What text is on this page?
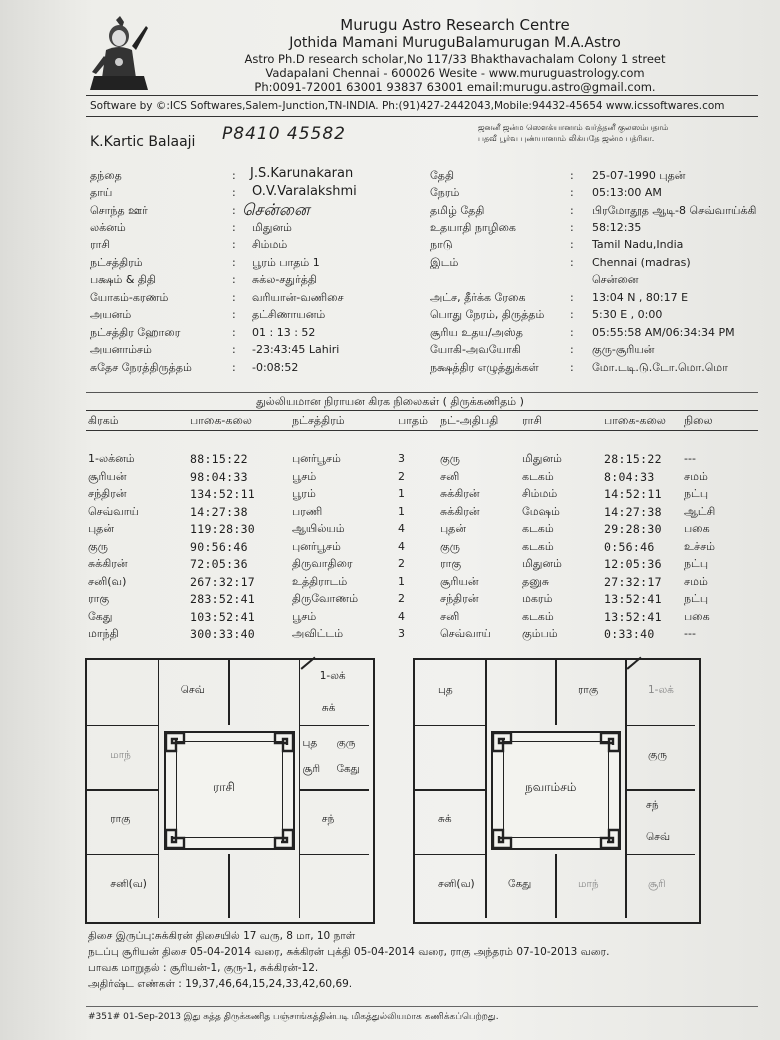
Murugu Astro Research Centre
Jothida Mamani MuruguBalamurugan M.A.Astro
Astro Ph.D research scholar,No 117/33 Bhakthavachalam Colony 1 street
Vadapalani Chennai - 600026 Wesite - www.muruguastrology.com
Ph:0091-72001 63001 93837 63001 email:murugu.astro@gmail.com.
Software by ©:ICS Softwares,Salem-Junction,TN-INDIA. Ph:(91)427-2442043,Mobile:94432-45654 www.icssoftwares.com
K.Kartic Balaaji P8410 45582	ஜனனீ ஜன்ம ஸௌக்யானாம் வர்த்தனீ குலஸம்பதாம்
பதவீ பூர்வ புண்யானாம் லிக்யதே ஜன்ம பத்ரிகா.
தந்தை	: J.S.Karunakaran
தாய்	: O.V.Varalakshmi
சொந்த ஊர்	: சென்னை
லக்னம்	: மிதுனம்
ராசி	: சிம்மம்
நட்சத்திரம்	: பூரம் பாதம் 1
பக்ஷம் & திதி	: சுக்ல-சதுர்த்தி
யோகம்-கரணம்	: வரியான்-வணிசை
அயனம்	: தட்சிணாயனம்
நட்சத்திர ஹோரை	: 01 : 13 : 52
அயனாம்சம்	: -23:43:45 Lahiri
சுதேச நேரத்திருத்தம்	: -0:08:52
தேதி	: 25-07-1990 புதன்
நேரம்	: 05:13:00 AM
தமிழ் தேதி	: பிரமோதூத ஆடி-8 செவ்வாய்க்கி
உதயாதி நாழிகை	: 58:12:35
நாடு	: Tamil Nadu,India
இடம்	: Chennai (madras)
சென்னை
அட்ச, தீர்க்க ரேகை	: 13:04 N , 80:17 E
பொது நேரம், திருத்தம் : 5:30 E , 0:00
சூரிய உதய/அஸ்த	: 05:55:58 AM/06:34:34 PM
யோகி-அவயோகி	: குரு-சூரியன்
நக்ஷத்திர எழுத்துக்கள்	: மோ.டடி.டு.டோ.மொ.மொ
துல்லியமான நிராயன கிரக நிலைகள் ( திருக்கணிதம் )
கிரகம்	பாகை-கலை	நட்சத்திரம்	பாதம் நட்-அதிபதி ராசி	பாகை-கலை நிலை
1-லக்னம்	88:15:22	புனர்பூசம்	3	குரு	மிதுனம்	28:15:22 ---
சூரியன்	98:04:33	பூசம்	2	சனி	கடகம்	8:04:33	சமம்
சந்திரன்	134:52:11	பூரம்	1	சுக்கிரன்	சிம்மம்	14:52:11 நட்பு
செவ்வாய்	14:27:38	பரணி	1	சுக்கிரன்	மேஷம்	14:27:38 ஆட்சி
புதன்	119:28:30	ஆயில்யம்	4	புதன்	கடகம்	29:28:30 பகை
குரு	90:56:46	புனர்பூசம்	4	குரு	கடகம்	0:56:46	உச்சம்
சுக்கிரன்	72:05:36	திருவாதிரை	2	ராகு	மிதுனம்	12:05:36 நட்பு
சனி(வ)	267:32:17	உத்திராடம்	1	சூரியன்	தனுசு	27:32:17 சமம்
ராகு	283:52:41	திருவோணம்	2	சந்திரன்	மகரம்	13:52:41 நட்பு
கேது	103:52:41	பூசம்	4	சனி	கடகம்	13:52:41 பகை
மாந்தி	300:33:40	அவிட்டம்	3	செவ்வாய்	கும்பம்	0:33:40	---
ராசி
செவ்
1-லக்
சுக்
மாந்
புத குரு
சூரி கேது
ராகு	சந்
சனி(வ)
நவாம்சம்
புத	ராகு	1-லக்
குரு
சுக்
சந்
செவ்
சனி(வ)	கேது	மாந்	சூரி
திசை இருப்பு:சுக்கிரன் திசையில் 17 வரு, 8 மா, 10 நாள்
நடப்பு சூரியன் திசை 05-04-2014 வரை, சுக்கிரன் புக்தி 05-04-2014 வரை, ராகு அந்தரம் 07-10-2013 வரை.
பாவக மாறுதல் : சூரியன்-1, குரு-1, சுக்கிரன்-12.
அதிர்ஷ்ட எண்கள் : 19,37,46,64,15,24,33,42,60,69.
#351# 01-Sep-2013 இது சுத்த திருக்கணித பஞ்சாங்கத்தின்படி மிகத்துல்லியமாக கணிக்கப்பெற்றது.
